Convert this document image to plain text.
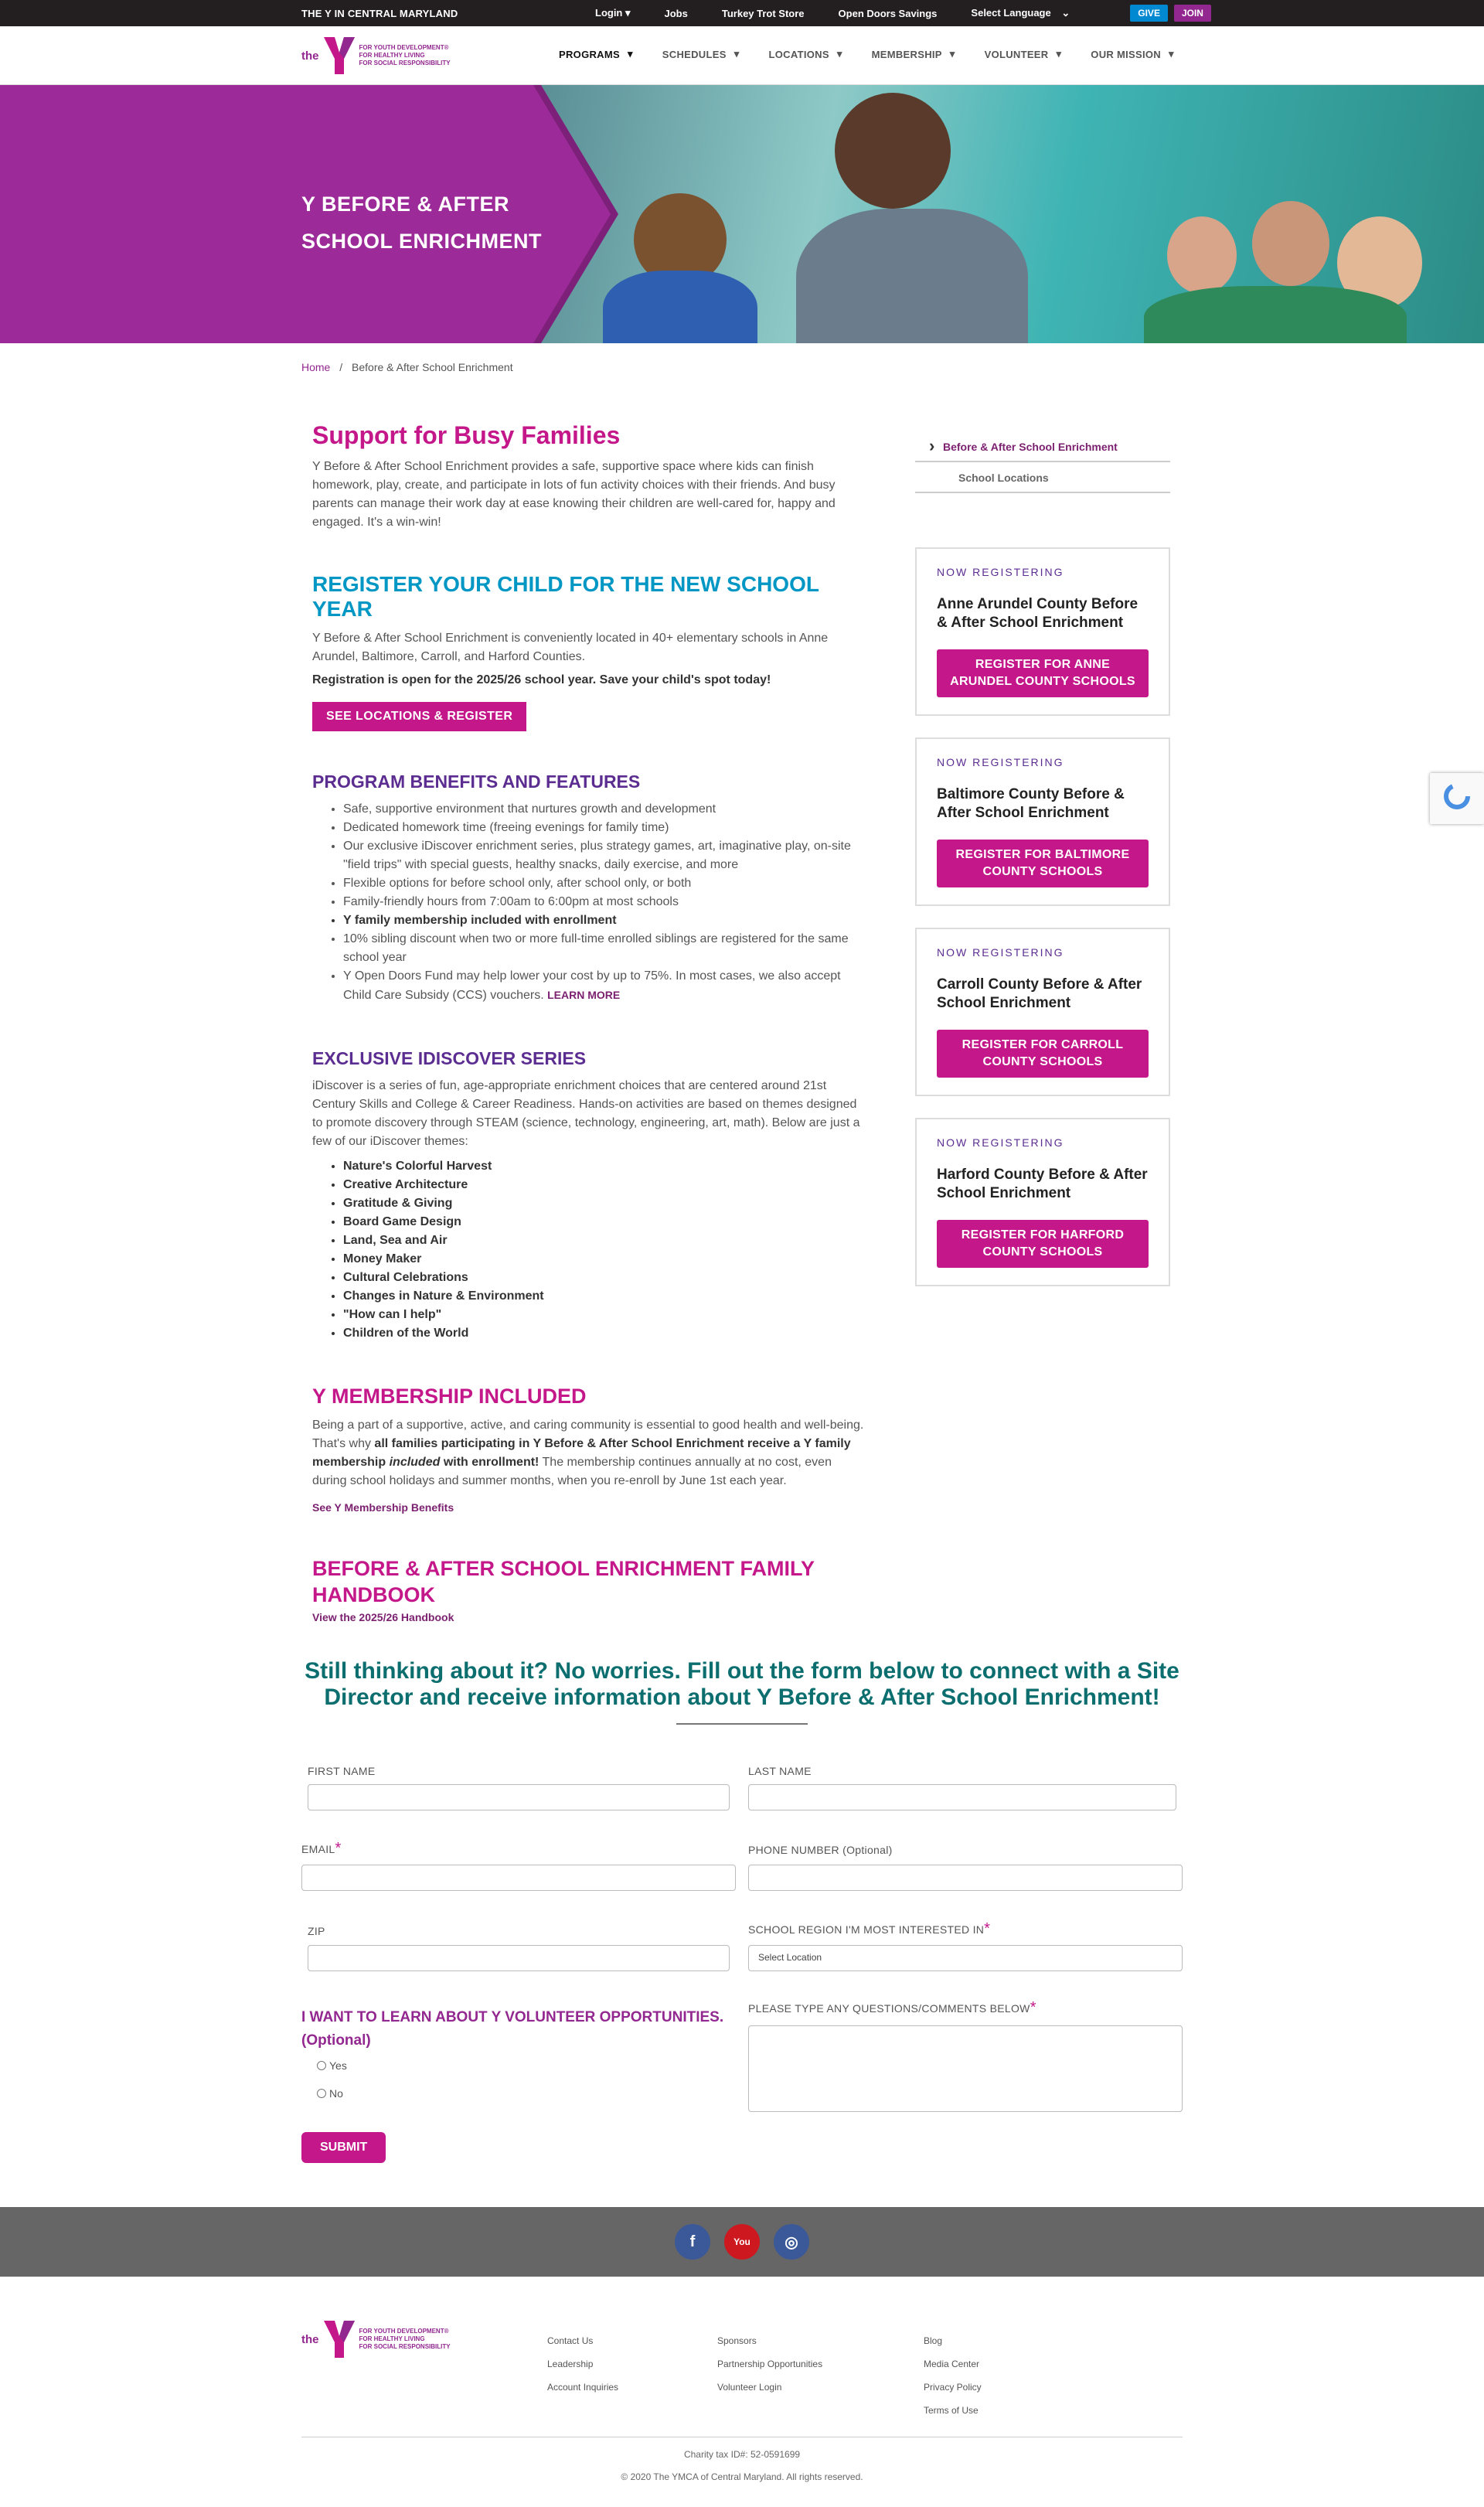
THE Y IN CENTRAL MARYLAND	Login ▾	Jobs	Turkey Trot Store	Open Doors Savings	Select Language ⌄	GIVE	JOIN
the
FOR YOUTH DEVELOPMENT®
FOR HEALTHY LIVING
FOR SOCIAL RESPONSIBILITY
PROGRAMS ▾	SCHEDULES ▾	LOCATIONS ▾	MEMBERSHIP ▾	VOLUNTEER ▾	OUR MISSION ▾
Y BEFORE & AFTER
SCHOOL ENRICHMENT
Home / Before & After School Enrichment
Support for Busy Families

Y Before & After School Enrichment provides a safe, supportive space where kids can finish homework, play, create, and participate in lots of fun activity choices with their friends. And busy parents can manage their work day at ease knowing their children are well-cared for, happy and engaged. It's a win-win!

REGISTER YOUR CHILD FOR THE NEW SCHOOL YEAR

Y Before & After School Enrichment is conveniently located in 40+ elementary schools in Anne Arundel, Baltimore, Carroll, and Harford Counties.

Registration is open for the 2025/26 school year. Save your child's spot today!

SEE LOCATIONS & REGISTER
PROGRAM BENEFITS AND FEATURES
• Safe, supportive environment that nurtures growth and development
• Dedicated homework time (freeing evenings for family time)
• Our exclusive iDiscover enrichment series, plus strategy games, art, imaginative play, on-site "field trips" with special guests, healthy snacks, daily exercise, and more
• Flexible options for before school only, after school only, or both
• Family-friendly hours from 7:00am to 6:00pm at most schools
• Y family membership included with enrollment
• 10% sibling discount when two or more full-time enrolled siblings are registered for the same school year
• Y Open Doors Fund may help lower your cost by up to 75%. In most cases, we also accept Child Care Subsidy (CCS) vouchers. LEARN MORE
EXCLUSIVE IDISCOVER SERIES

iDiscover is a series of fun, age-appropriate enrichment choices that are centered around 21st Century Skills and College & Career Readiness. Hands-on activities are based on themes designed to promote discovery through STEAM (science, technology, engineering, art, math). Below are just a few of our iDiscover themes:

• Nature's Colorful Harvest
• Creative Architecture
• Gratitude & Giving
• Board Game Design
• Land, Sea and Air
• Money Maker
• Cultural Celebrations
• Changes in Nature & Environment
• "How can I help"
• Children of the World
Y MEMBERSHIP INCLUDED

Being a part of a supportive, active, and caring community is essential to good health and well-being. That's why all families participating in Y Before & After School Enrichment receive a Y family membership included with enrollment! The membership continues annually at no cost, even during school holidays and summer months, when you re-enroll by June 1st each year.

See Y Membership Benefits
BEFORE & AFTER SCHOOL ENRICHMENT FAMILY HANDBOOK
View the 2025/26 Handbook
› Before & After School Enrichment
School Locations
NOW REGISTERING
Anne Arundel County Before & After School Enrichment
REGISTER FOR ANNE ARUNDEL COUNTY SCHOOLS
NOW REGISTERING
Baltimore County Before & After School Enrichment
REGISTER FOR BALTIMORE COUNTY SCHOOLS
NOW REGISTERING
Carroll County Before & After School Enrichment
REGISTER FOR CARROLL COUNTY SCHOOLS
NOW REGISTERING
Harford County Before & After School Enrichment
REGISTER FOR HARFORD COUNTY SCHOOLS
Still thinking about it? No worries. Fill out the form below to connect with a Site Director and receive information about Y Before & After School Enrichment!
FIRST NAME	LAST NAME
EMAIL*	PHONE NUMBER (Optional)
ZIP	SCHOOL REGION I'M MOST INTERESTED IN*
Select Location
I WANT TO LEARN ABOUT Y VOLUNTEER OPPORTUNITIES. (Optional)
Yes
No
PLEASE TYPE ANY QUESTIONS/COMMENTS BELOW*
SUBMIT
f	You	◎
the
FOR YOUTH DEVELOPMENT®
FOR HEALTHY LIVING
FOR SOCIAL RESPONSIBILITY
Contact Us
Leadership
Account Inquiries
Sponsors
Partnership Opportunities
Volunteer Login
Blog
Media Center
Privacy Policy
Terms of Use
Charity tax ID#: 52-0591699
© 2020 The YMCA of Central Maryland. All rights reserved.
